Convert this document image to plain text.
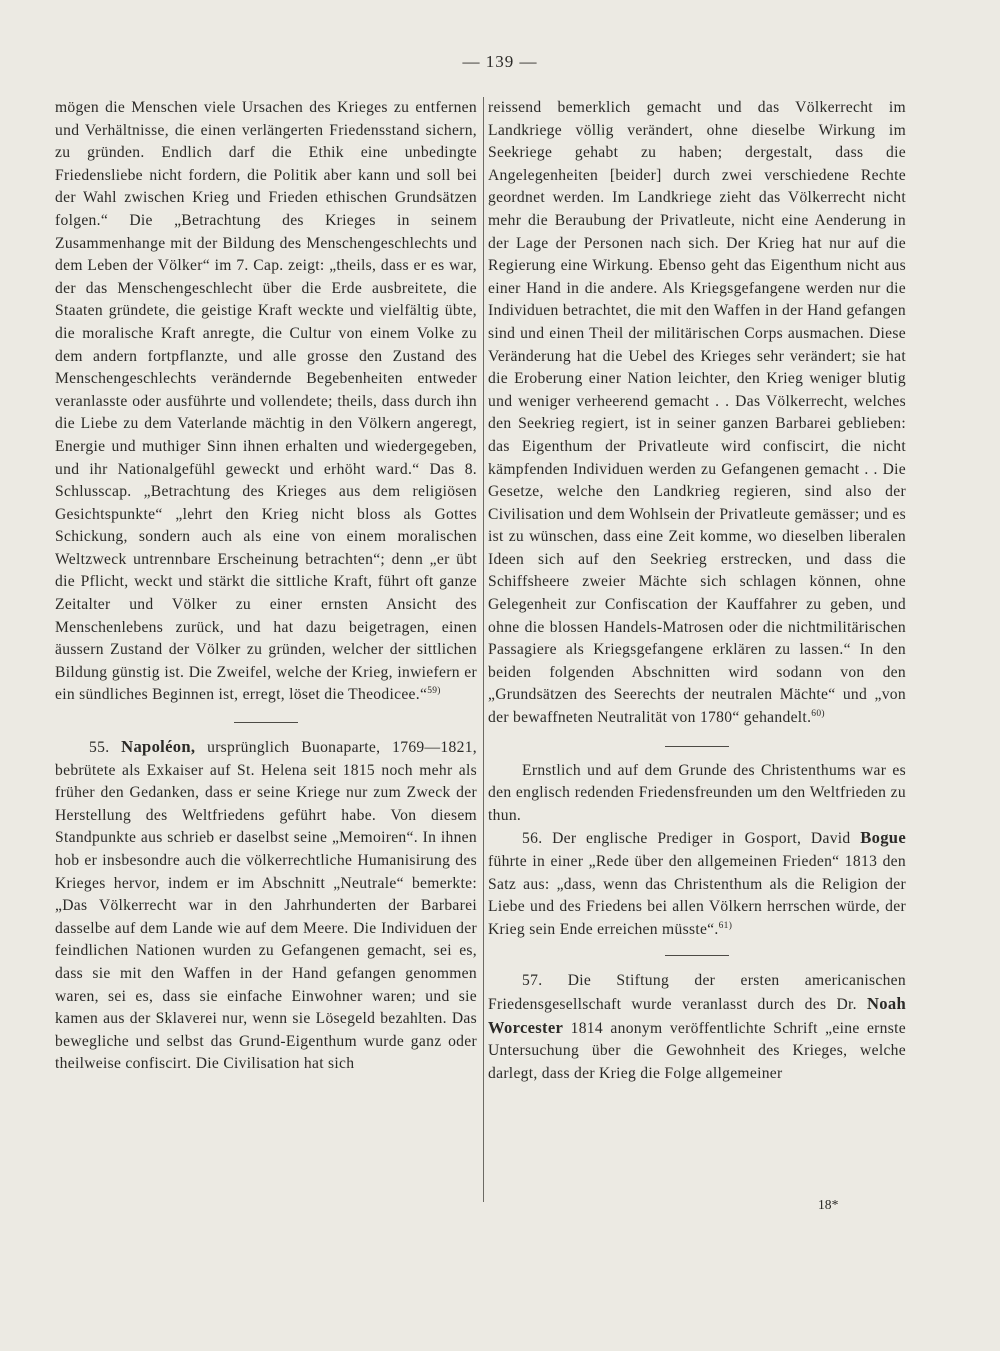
— 139 —

mögen die Menschen viele Ursachen des Krieges zu entfernen und Verhältnisse, die einen verlängerten Friedensstand sichern, zu gründen. Endlich darf die Ethik eine unbedingte Friedensliebe nicht fordern, die Politik aber kann und soll bei der Wahl zwischen Krieg und Frieden ethischen Grundsätzen folgen.“ Die „Betrachtung des Krieges in seinem Zusammenhange mit der Bildung des Menschengeschlechts und dem Leben der Völker“ im 7. Cap. zeigt: „theils, dass er es war, der das Menschengeschlecht über die Erde ausbreitete, die Staaten gründete, die geistige Kraft weckte und vielfältig übte, die moralische Kraft anregte, die Cultur von einem Volke zu dem andern fortpflanzte, und alle grosse den Zustand des Menschengeschlechts verändernde Begebenheiten entweder veranlasste oder ausführte und vollendete; theils, dass durch ihn die Liebe zu dem Vaterlande mächtig in den Völkern angeregt, Energie und muthiger Sinn ihnen erhalten und wiedergegeben, und ihr Nationalgefühl geweckt und erhöht ward.“ Das 8. Schlusscap. „Betrachtung des Krieges aus dem religiösen Gesichtspunkte“ „lehrt den Krieg nicht bloss als Gottes Schickung, sondern auch als eine von einem moralischen Weltzweck untrennbare Erscheinung betrachten“; denn „er übt die Pflicht, weckt und stärkt die sittliche Kraft, führt oft ganze Zeitalter und Völker zu einer ernsten Ansicht des Menschenlebens zurück, und hat dazu beigetragen, einen äussern Zustand der Völker zu gründen, welcher der sittlichen Bildung günstig ist. Die Zweifel, welche der Krieg, inwiefern er ein sündliches Beginnen ist, erregt, löset die Theodicee.“$^{59)}$

55. Napoléon, ursprünglich Buonaparte, 1769—1821, bebrütete als Exkaiser auf St. Helena seit 1815 noch mehr als früher den Gedanken, dass er seine Kriege nur zum Zweck der Herstellung des Weltfriedens geführt habe. Von diesem Standpunkte aus schrieb er daselbst seine „Memoiren“. In ihnen hob er insbesondre auch die völkerrechtliche Humanisirung des Krieges hervor, indem er im Abschnitt „Neutrale“ bemerkte: „Das Völkerrecht war in den Jahrhunderten der Barbarei dasselbe auf dem Lande wie auf dem Meere. Die Individuen der feindlichen Nationen wurden zu Gefangenen gemacht, sei es, dass sie mit den Waffen in der Hand gefangen genommen waren, sei es, dass sie einfache Einwohner waren; und sie kamen aus der Sklaverei nur, wenn sie Lösegeld bezahlten. Das bewegliche und selbst das Grund-Eigenthum wurde ganz oder theilweise confiscirt. Die Civilisation hat sich

reissend bemerklich gemacht und das Völkerrecht im Landkriege völlig verändert, ohne dieselbe Wirkung im Seekriege gehabt zu haben; dergestalt, dass die Angelegenheiten [beider] durch zwei verschiedene Rechte geordnet werden. Im Landkriege zieht das Völkerrecht nicht mehr die Beraubung der Privatleute, nicht eine Aenderung in der Lage der Personen nach sich. Der Krieg hat nur auf die Regierung eine Wirkung. Ebenso geht das Eigenthum nicht aus einer Hand in die andere. Als Kriegsgefangene werden nur die Individuen betrachtet, die mit den Waffen in der Hand gefangen sind und einen Theil der militärischen Corps ausmachen. Diese Veränderung hat die Uebel des Krieges sehr verändert; sie hat die Eroberung einer Nation leichter, den Krieg weniger blutig und weniger verheerend gemacht . . Das Völkerrecht, welches den Seekrieg regiert, ist in seiner ganzen Barbarei geblieben: das Eigenthum der Privatleute wird confiscirt, die nicht kämpfenden Individuen werden zu Gefangenen gemacht . . Die Gesetze, welche den Landkrieg regieren, sind also der Civilisation und dem Wohlsein der Privatleute gemässer; und es ist zu wünschen, dass eine Zeit komme, wo dieselben liberalen Ideen sich auf den Seekrieg erstrecken, und dass die Schiffsheere zweier Mächte sich schlagen können, ohne Gelegenheit zur Confiscation der Kauffahrer zu geben, und ohne die blossen Handels-Matrosen oder die nichtmilitärischen Passagiere als Kriegsgefangene erklären zu lassen.“ In den beiden folgenden Abschnitten wird sodann von den „Grundsätzen des Seerechts der neutralen Mächte“ und „von der bewaffneten Neutralität von 1780“ gehandelt.$^{60)}$

Ernstlich und auf dem Grunde des Christenthums war es den englisch redenden Friedensfreunden um den Weltfrieden zu thun.

56. Der englische Prediger in Gosport, David Bogue führte in einer „Rede über den allgemeinen Frieden“ 1813 den Satz aus: „dass, wenn das Christenthum als die Religion der Liebe und des Friedens bei allen Völkern herrschen würde, der Krieg sein Ende erreichen müsste“.$^{61)}$

57. Die Stiftung der ersten americanischen Friedensgesellschaft wurde veranlasst durch des Dr. Noah Worcester 1814 anonym veröffentlichte Schrift „eine ernste Untersuchung über die Gewohnheit des Krieges, welche darlegt, dass der Krieg die Folge allgemeiner

18*
